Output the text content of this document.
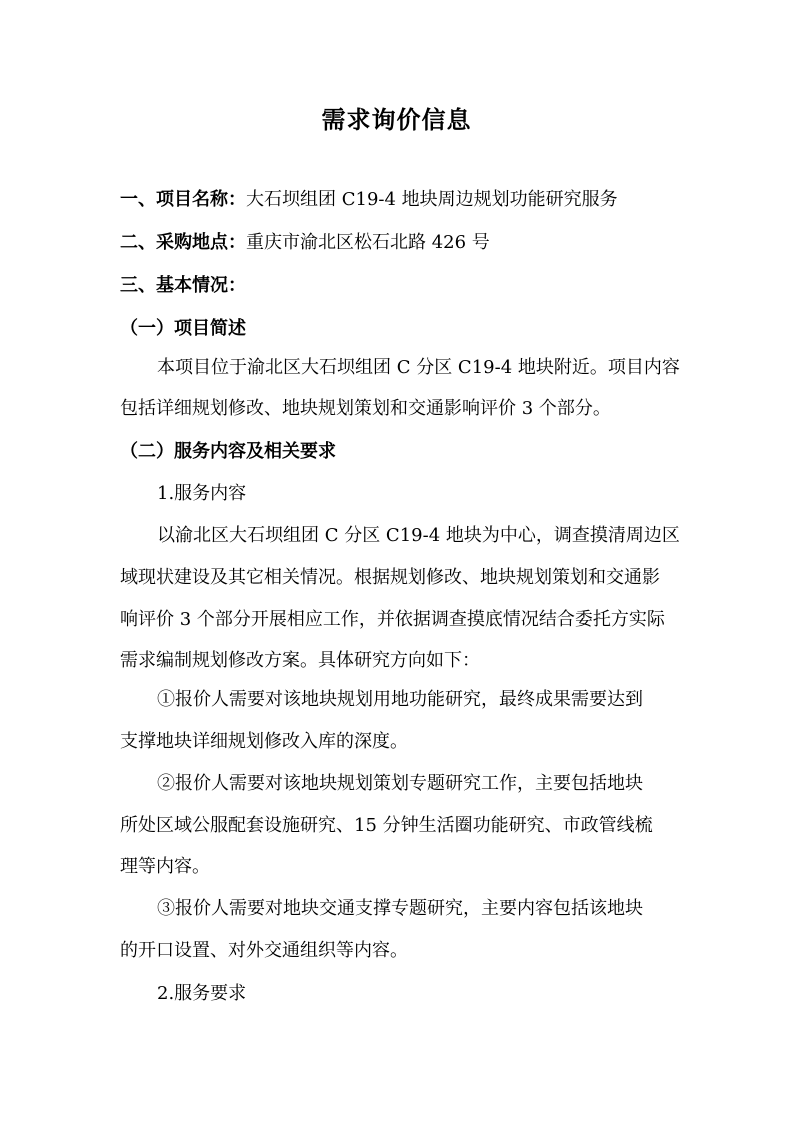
需求询价信息
一、项目名称：大石坝组团 C19-4 地块周边规划功能研究服务
二、采购地点：重庆市渝北区松石北路 426 号
三、基本情况：
（一）项目简述
本项目位于渝北区大石坝组团 C 分区 C19-4 地块附近。项目内容
包括详细规划修改、地块规划策划和交通影响评价 3 个部分。
（二）服务内容及相关要求
1.服务内容
以渝北区大石坝组团 C 分区 C19-4 地块为中心，调查摸清周边区
域现状建设及其它相关情况。根据规划修改、地块规划策划和交通影
响评价 3 个部分开展相应工作，并依据调查摸底情况结合委托方实际
需求编制规划修改方案。具体研究方向如下：
①报价人需要对该地块规划用地功能研究，最终成果需要达到
支撑地块详细规划修改入库的深度。
②报价人需要对该地块规划策划专题研究工作，主要包括地块
所处区域公服配套设施研究、15 分钟生活圈功能研究、市政管线梳
理等内容。
③报价人需要对地块交通支撑专题研究，主要内容包括该地块
的开口设置、对外交通组织等内容。
2.服务要求
